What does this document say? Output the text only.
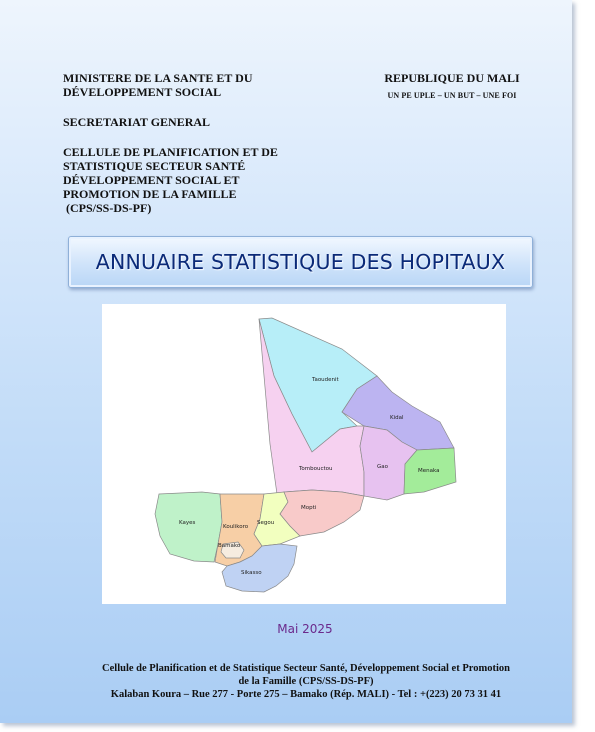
MINISTERE DE LA SANTE ET DU
DÉVELOPPEMENT SOCIAL
SECRETARIAT GENERAL
CELLULE DE PLANIFICATION ET DE
STATISTIQUE SECTEUR SANTÉ
DÉVELOPPEMENT SOCIAL ET
PROMOTION DE LA FAMILLE
(CPS/SS-DS-PF)
REPUBLIQUE DU MALI
UN PE UPLE – UN BUT – UNE FOI
ANNUAIRE STATISTIQUE DES HOPITAUX
Taoudenit
Kidal
Tombouctou	Gao
Menaka
Kayes
Koulikoro
Segou
Mopti
Bamako
Sikasso
Mai 2025
Cellule de Planification et de Statistique Secteur Santé, Développement Social et Promotion
de la Famille (CPS/SS-DS-PF)
Kalaban Koura – Rue 277 - Porte 275 – Bamako (Rép. MALI) - Tel : +(223) 20 73 31 41
